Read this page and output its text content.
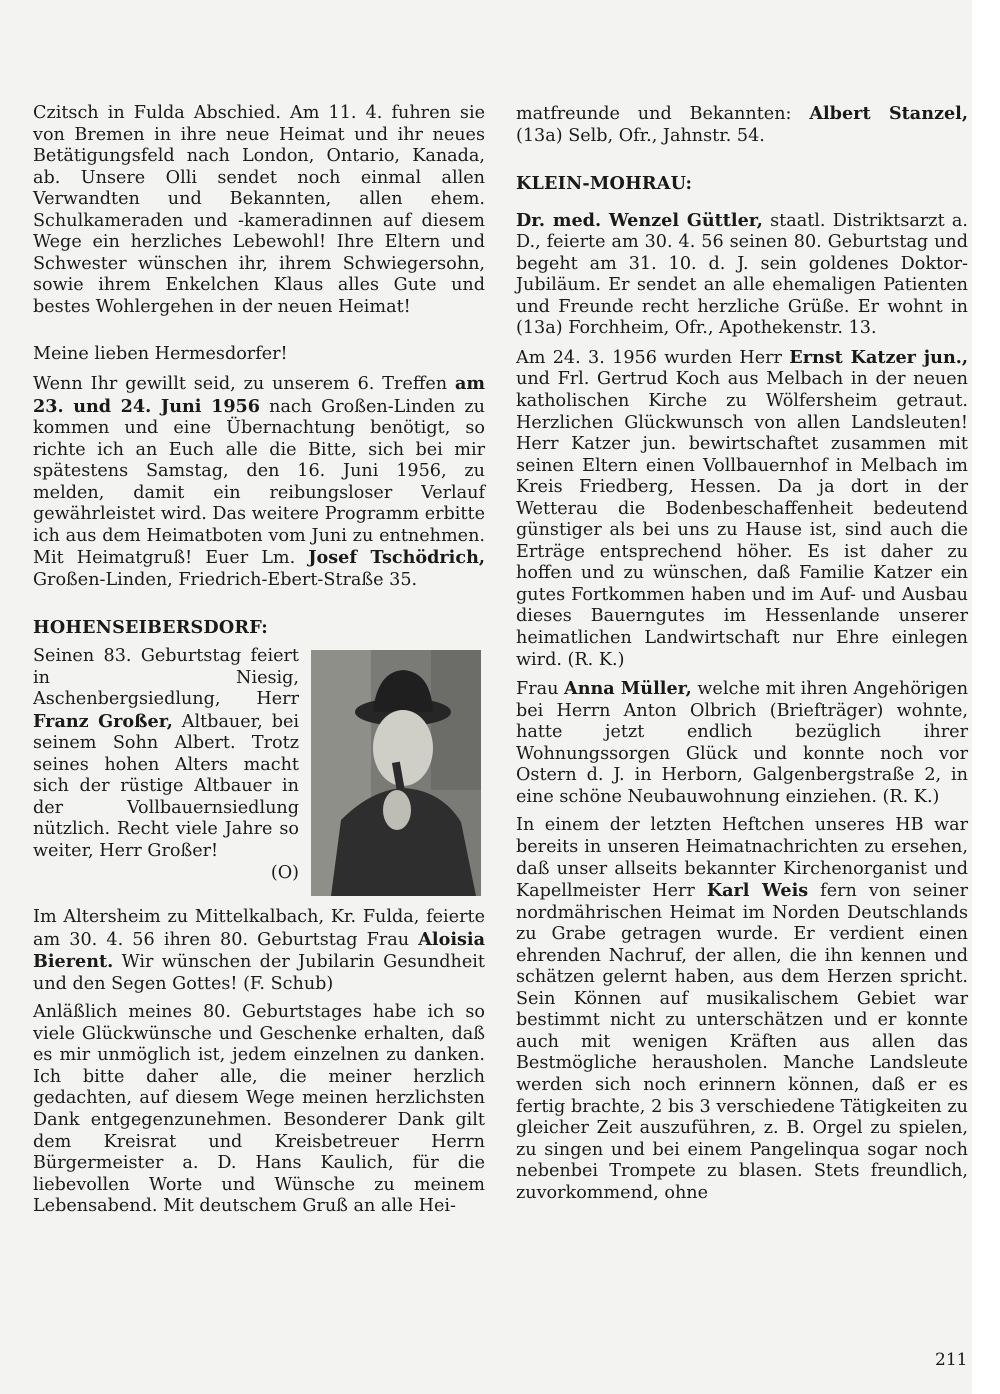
Czitsch in Fulda Abschied. Am 11. 4. fuhren sie von Bremen in ihre neue Heimat und ihr neues Betätigungsfeld nach London, Ontario, Kanada, ab. Unsere Olli sendet noch einmal allen Verwandten und Bekannten, allen ehem. Schulkameraden und -kameradinnen auf diesem Wege ein herzliches Lebewohl! Ihre Eltern und Schwester wünschen ihr, ihrem Schwiegersohn, sowie ihrem Enkelchen Klaus alles Gute und bestes Wohlergehen in der neuen Heimat!

Meine lieben Hermesdorfer!

Wenn Ihr gewillt seid, zu unserem 6. Treffen am 23. und 24. Juni 1956 nach Großen-Linden zu kommen und eine Übernachtung benötigt, so richte ich an Euch alle die Bitte, sich bei mir spätestens Samstag, den 16. Juni 1956, zu melden, damit ein reibungsloser Verlauf gewährleistet wird. Das weitere Programm erbitte ich aus dem Heimatboten vom Juni zu entnehmen. Mit Heimatgruß! Euer Lm. Josef Tschödrich, Großen-Linden, Friedrich-Ebert-Straße 35.

HOHENSEIBERSDORF:

Seinen 83. Geburtstag feiert in Niesig, Aschenbergsiedlung, Herr Franz Großer, Altbauer, bei seinem Sohn Albert. Trotz seines hohen Alters macht sich der rüstige Altbauer in der Vollbauernsiedlung nützlich. Recht viele Jahre so weiter, Herr Großer!
(O)

Im Altersheim zu Mittelkalbach, Kr. Fulda, feierte am 30. 4. 56 ihren 80. Geburtstag Frau Aloisia Bierent. Wir wünschen der Jubilarin Gesundheit und den Segen Gottes! (F. Schub)

Anläßlich meines 80. Geburtstages habe ich so viele Glückwünsche und Geschenke erhalten, daß es mir unmöglich ist, jedem einzelnen zu danken. Ich bitte daher alle, die meiner herzlich gedachten, auf diesem Wege meinen herzlichsten Dank entgegenzunehmen. Besonderer Dank gilt dem Kreisrat und Kreisbetreuer Herrn Bürgermeister a. D. Hans Kaulich, für die liebevollen Worte und Wünsche zu meinem Lebensabend. Mit deutschem Gruß an alle Hei-

matfreunde und Bekannten: Albert Stanzel, (13a) Selb, Ofr., Jahnstr. 54.

KLEIN-MOHRAU:

Dr. med. Wenzel Güttler, staatl. Distriktsarzt a. D., feierte am 30. 4. 56 seinen 80. Geburtstag und begeht am 31. 10. d. J. sein goldenes Doktor-Jubiläum. Er sendet an alle ehemaligen Patienten und Freunde recht herzliche Grüße. Er wohnt in (13a) Forchheim, Ofr., Apothekenstr. 13.

Am 24. 3. 1956 wurden Herr Ernst Katzer jun., und Frl. Gertrud Koch aus Melbach in der neuen katholischen Kirche zu Wölfersheim getraut. Herzlichen Glückwunsch von allen Landsleuten! Herr Katzer jun. bewirtschaftet zusammen mit seinen Eltern einen Vollbauernhof in Melbach im Kreis Friedberg, Hessen. Da ja dort in der Wetterau die Bodenbeschaffenheit bedeutend günstiger als bei uns zu Hause ist, sind auch die Erträge entsprechend höher. Es ist daher zu hoffen und zu wünschen, daß Familie Katzer ein gutes Fortkommen haben und im Auf- und Ausbau dieses Bauerngutes im Hessenlande unserer heimatlichen Landwirtschaft nur Ehre einlegen wird. (R. K.)

Frau Anna Müller, welche mit ihren Angehörigen bei Herrn Anton Olbrich (Briefträger) wohnte, hatte jetzt endlich bezüglich ihrer Wohnungssorgen Glück und konnte noch vor Ostern d. J. in Herborn, Galgenbergstraße 2, in eine schöne Neubauwohnung einziehen. (R. K.)

In einem der letzten Heftchen unseres HB war bereits in unseren Heimatnachrichten zu ersehen, daß unser allseits bekannter Kirchenorganist und Kapellmeister Herr Karl Weis fern von seiner nordmährischen Heimat im Norden Deutschlands zu Grabe getragen wurde. Er verdient einen ehrenden Nachruf, der allen, die ihn kennen und schätzen gelernt haben, aus dem Herzen spricht. Sein Können auf musikalischem Gebiet war bestimmt nicht zu unterschätzen und er konnte auch mit wenigen Kräften aus allen das Bestmögliche herausholen. Manche Landsleute werden sich noch erinnern können, daß er es fertig brachte, 2 bis 3 verschiedene Tätigkeiten zu gleicher Zeit auszuführen, z. B. Orgel zu spielen, zu singen und bei einem Pangelinqua sogar noch nebenbei Trompete zu blasen. Stets freundlich, zuvorkommend, ohne

211
